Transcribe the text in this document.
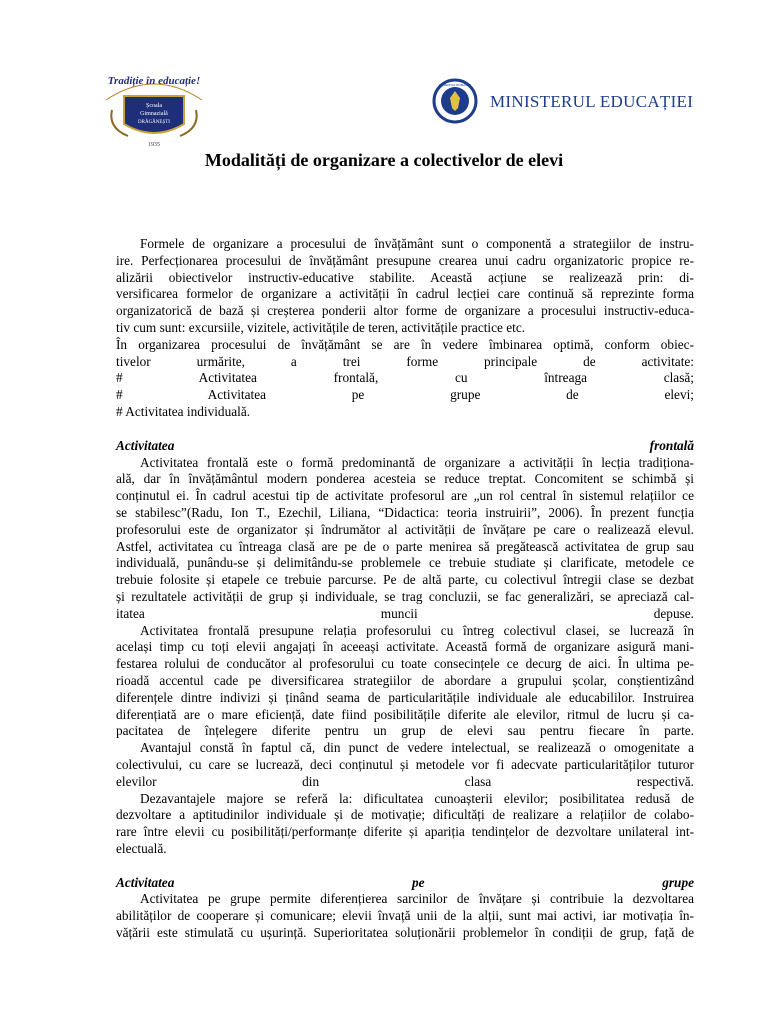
Tradiție în educație!
Școala
Gimnazială
DRĂGĂNEȘTI
1935
GUVERNUL ROMÂNIEI
MINISTERUL EDUCAȚIEI
Modalități de organizare a colectivelor de elevi
Formele de organizare a procesului de învățământ sunt o componentă a strategiilor de instru-
ire. Perfecționarea procesului de învățământ presupune crearea unui cadru organizatoric propice re-
alizării obiectivelor instructiv-educative stabilite. Această acțiune se realizează prin: di-
versificarea formelor de organizare a activității în cadrul lecției care continuă să reprezinte forma
organizatorică de bază și creșterea ponderii altor forme de organizare a procesului instructiv-educa-
tiv cum sunt: excursiile, vizitele, activitățile de teren, activitățile practice etc.
În organizarea procesului de învățământ se are în vedere îmbinarea optimă, conform obiec-
tivelor urmărite, a trei forme principale de activitate:
# Activitatea frontală, cu întreaga clasă;
# Activitatea pe grupe de elevi;
# Activitatea individuală.
Activitatea frontală
Activitatea frontală este o formă predominantă de organizare a activității în lecția tradiționa-
ală, dar în învățământul modern ponderea acesteia se reduce treptat. Concomitent se schimbă și
conținutul ei. În cadrul acestui tip de activitate profesorul are „un rol central în sistemul relațiilor ce
se stabilesc”(Radu, Ion T., Ezechil, Liliana, “Didactica: teoria instruirii”, 2006). În prezent funcția
profesorului este de organizator și îndrumător al activității de învățare pe care o realizează elevul.
Astfel, activitatea cu întreaga clasă are pe de o parte menirea să pregătească activitatea de grup sau
individuală, punându-se și delimitându-se problemele ce trebuie studiate și clarificate, metodele ce
trebuie folosite și etapele ce trebuie parcurse. Pe de altă parte, cu colectivul întregii clase se dezbat
și rezultatele activității de grup și individuale, se trag concluzii, se fac generalizări, se apreciază cal-
itatea muncii depuse.
Activitatea frontală presupune relația profesorului cu întreg colectivul clasei, se lucrează în
același timp cu toți elevii angajați în aceeași activitate. Această formă de organizare asigură mani-
festarea rolului de conducător al profesorului cu toate consecințele ce decurg de aici. În ultima pe-
rioadă accentul cade pe diversificarea strategiilor de abordare a grupului școlar, conștientizând
diferențele dintre indivizi și ținând seama de particularitățile individuale ale educabililor. Instruirea
diferențiată are o mare eficiență, date fiind posibilitățile diferite ale elevilor, ritmul de lucru și ca-
pacitatea de înțelegere diferite pentru un grup de elevi sau pentru fiecare în parte.
Avantajul constă în faptul că, din punct de vedere intelectual, se realizează o omogenitate a
colectivului, cu care se lucrează, deci conținutul și metodele vor fi adecvate particularităților tuturor
elevilor din clasa respectivă.
Dezavantajele majore se referă la: dificultatea cunoașterii elevilor; posibilitatea redusă de
dezvoltare a aptitudinilor individuale și de motivație; dificultăți de realizare a relațiilor de colabo-
rare între elevii cu posibilități/performanțe diferite și apariția tendințelor de dezvoltare unilateral int-
electuală.
Activitatea pe grupe
Activitatea pe grupe permite diferențierea sarcinilor de învățare și contribuie la dezvoltarea
abilităților de cooperare și comunicare; elevii învață unii de la alții, sunt mai activi, iar motivația în-
vățării este stimulată cu ușurință. Superioritatea soluționării problemelor în condiții de grup, față de
